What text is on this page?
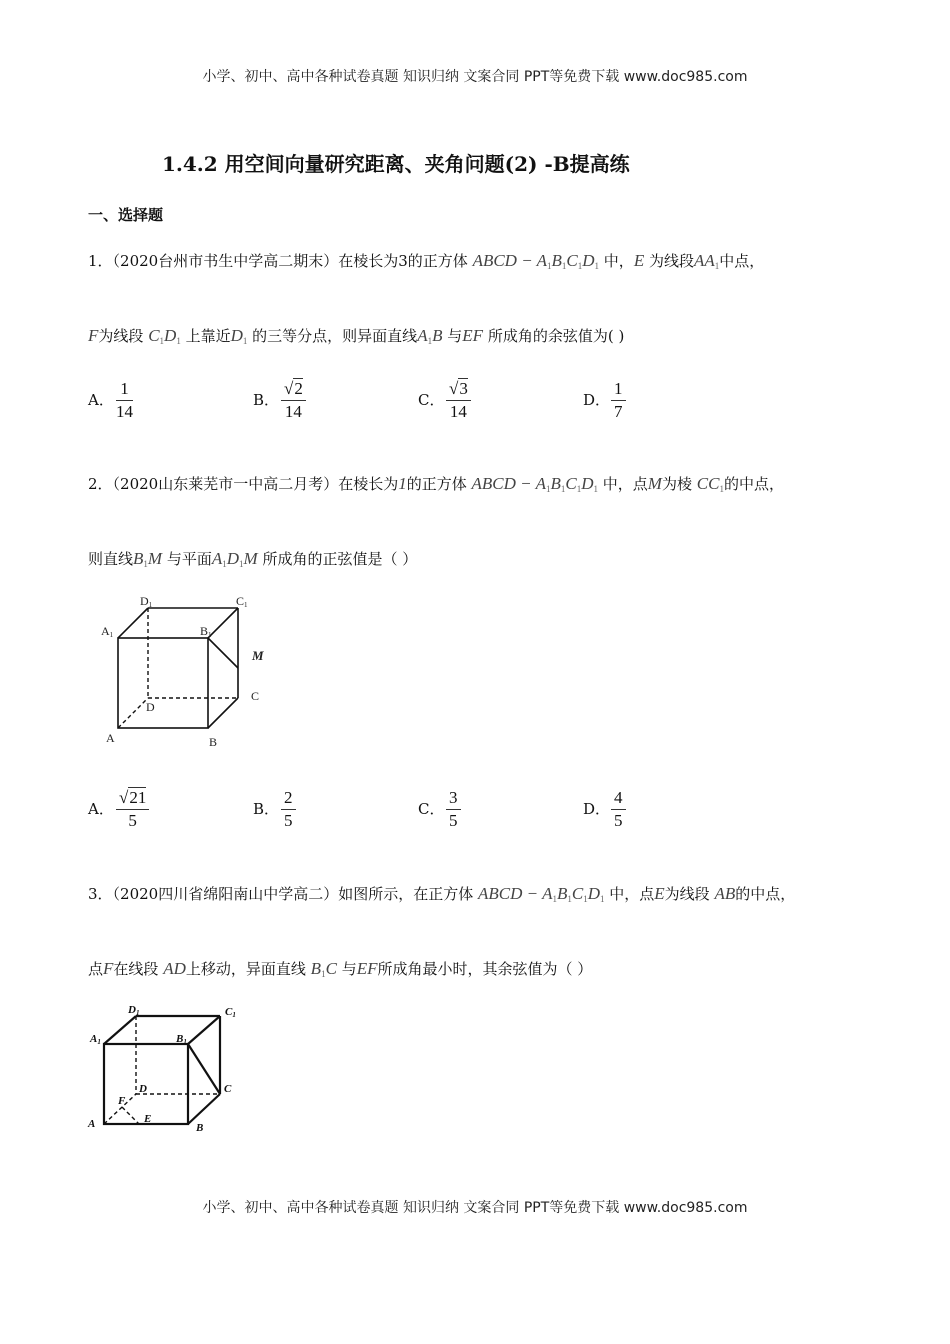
小学、初中、高中各种试卷真题 知识归纳 文案合同 PPT等免费下载 www.doc985.com
小学、初中、高中各种试卷真题 知识归纳 文案合同 PPT等免费下载 www.doc985.com
1.4.2 用空间向量研究距离、夹角问题(2) -B提高练
一、选择题
1．（2020台州市书生中学高二期末）在棱长为3的正方体 ABCD − $A_1B_1C_1D_1$ 中，E 为线段$AA_1$中点，
F为线段 $C_1D_1$ 上靠近$D_1$ 的三等分点，则异面直线$A_1B$ 与EF 所成角的余弦值为( )
A． $\frac{1}{14}$	B． $\frac{√2}{14}$	C． $\frac{√3}{14}$	D． $\frac{1}{7}$
2．（2020山东莱芜市一中高二月考）在棱长为1的正方体 ABCD − $A_1B_1C_1D_1$ 中，点M为棱 $CC_1$的中点，
则直线$B_1M$ 与平面$A_1D_1M$ 所成角的正弦值是（ ）
D1	C1
A1	B1
M
C
D
A	B
A． $\frac{√21}{5}$	B． $\frac{2}{5}$	C． $\frac{3}{5}$	D． $\frac{4}{5}$
3．（2020四川省绵阳南山中学高二）如图所示，在正方体 ABCD − $A_1B_1C_1D_1$ 中，点E为线段 AB的中点，
点F在线段 AD上移动，异面直线 $B_1C$ 与EF所成角最小时，其余弦值为（ ）
D1	C1
A1	B1
C
D
F
E
A	B
